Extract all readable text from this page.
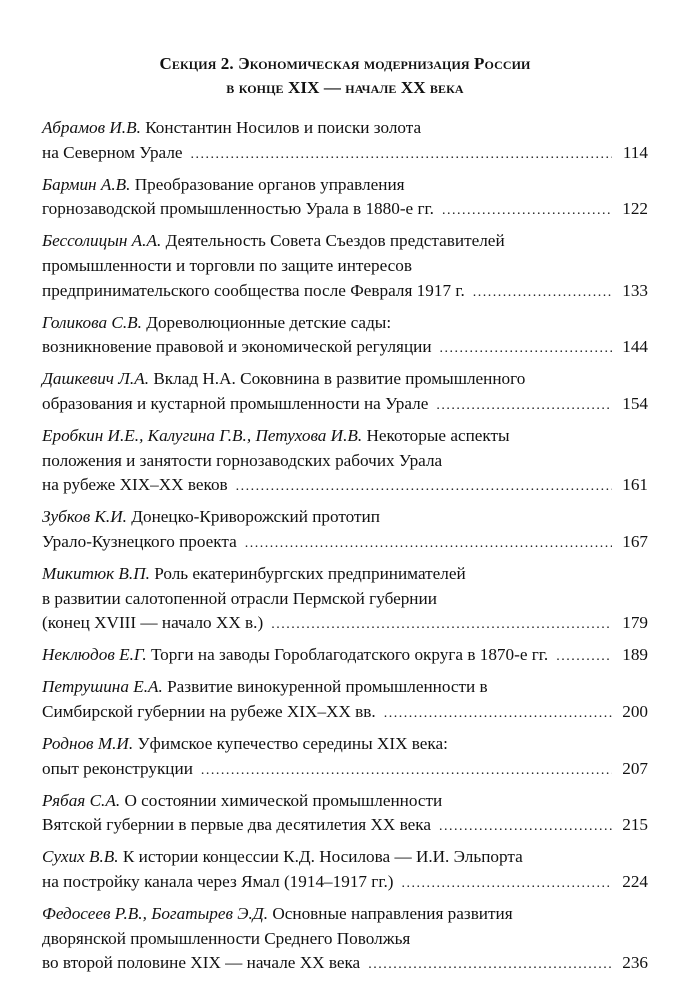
Секция 2. Экономическая модернизация России
в конце XIX — начале XX века
Абрамов И.В. Константин Носилов и поиски золота
на Северном Урале . . .	114
Бармин А.В. Преобразование органов управления
горнозаводской промышленностью Урала в 1880-е гг. . . .	122
Бессолицын А.А. Деятельность Совета Съездов представителей
промышленности и торговли по защите интересов
предпринимательского сообщества после Февраля 1917 г. . . .	133
Голикова С.В. Дореволюционные детские сады:
возникновение правовой и экономической регуляции . . .	144
Дашкевич Л.А. Вклад Н.А. Соковнина в развитие промышленного
образования и кустарной промышленности на Урале . . .	154
Еробкин И.Е., Калугина Г.В., Петухова И.В. Некоторые аспекты
положения и занятости горнозаводских рабочих Урала
на рубеже XIX–XX веков . . .	161
Зубков К.И. Донецко-Криворожский прототип
Урало-Кузнецкого проекта . . .	167
Микитюк В.П. Роль екатеринбургских предпринимателей
в развитии салотопенной отрасли Пермской губернии
(конец XVIII — начало XX в.) . . .	179
Неклюдов Е.Г. Торги на заводы Гороблагодатского округа в 1870-е гг. . . .	189
Петрушина Е.А. Развитие винокуренной промышленности в
Симбирской губернии на рубеже XIX–XX вв. . . .	200
Роднов М.И. Уфимское купечество середины XIX века:
опыт реконструкции . . .	207
Рябая С.А. О состоянии химической промышленности
Вятской губернии в первые два десятилетия XX века . . .	215
Сухих В.В. К истории концессии К.Д. Носилова — И.И. Эльпорта
на постройку канала через Ямал (1914–1917 гг.) . . .	224
Федосеев Р.В., Богатырев Э.Д. Основные направления развития
дворянской промышленности Среднего Поволжья
во второй половине XIX — начале XX века . . .	236
